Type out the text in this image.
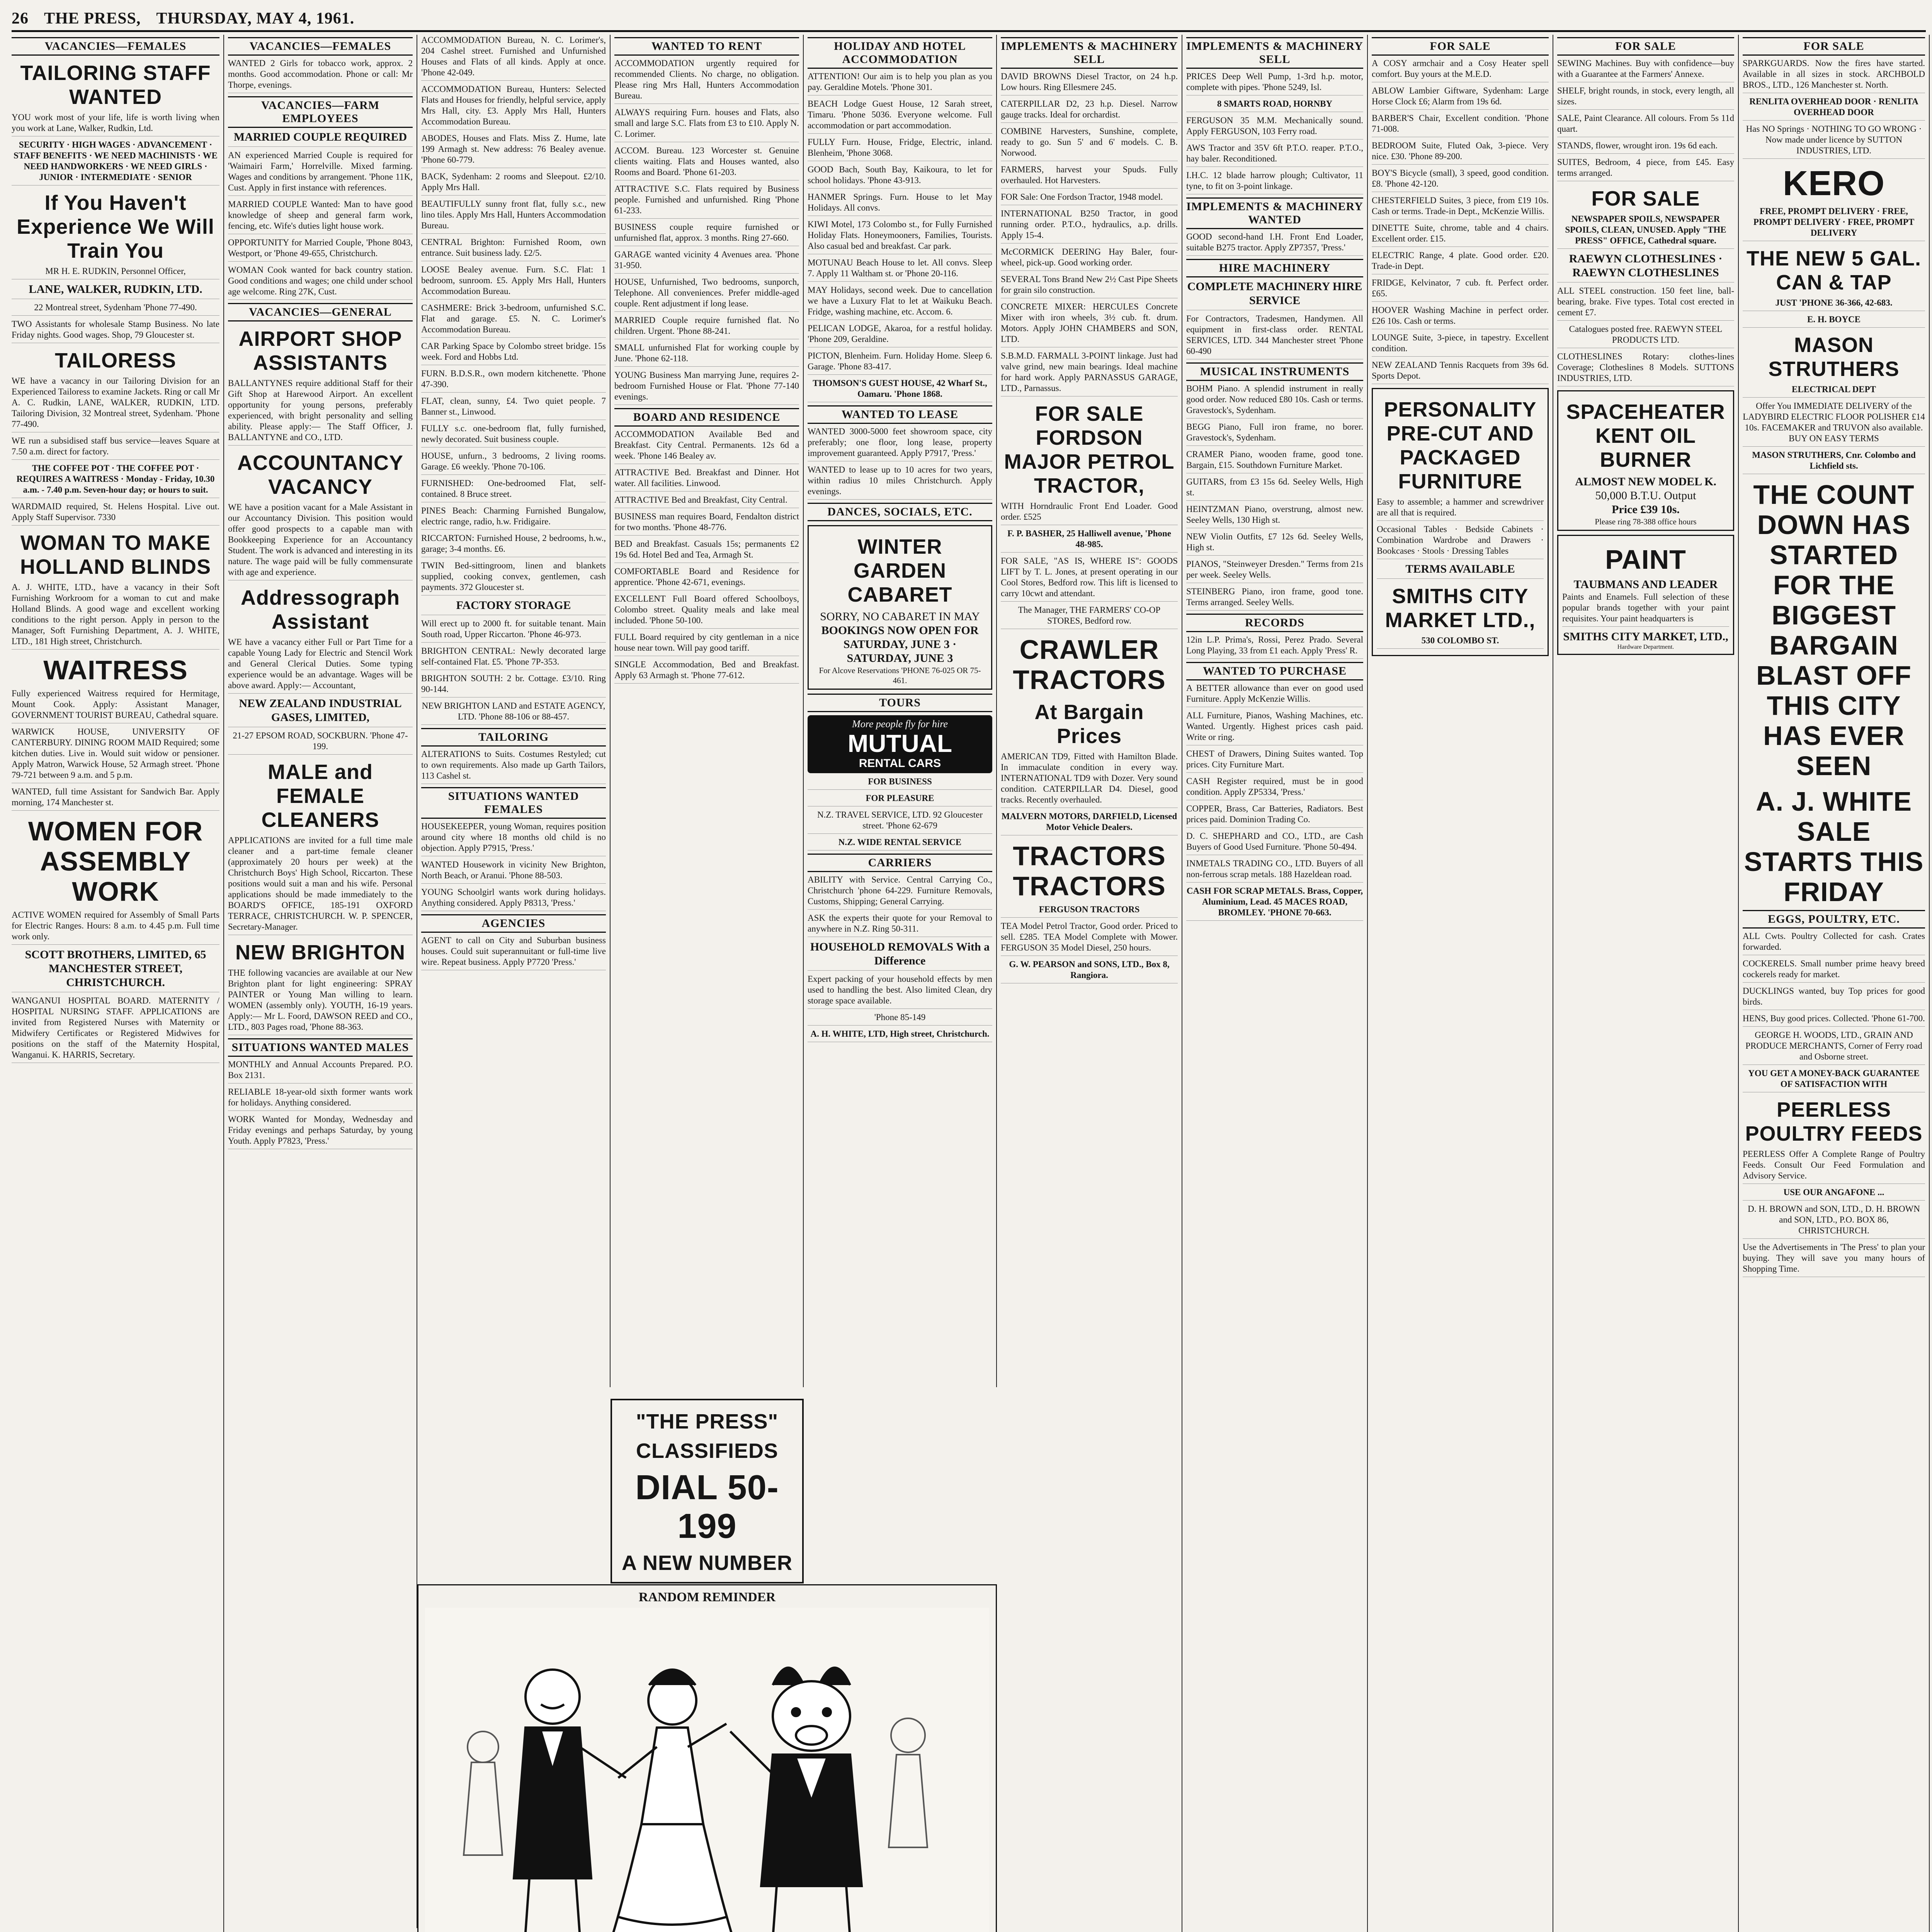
26 THE PRESS, THURSDAY, MAY 4, 1961.
VACANCIES—FEMALES
TAILORING STAFF WANTED
YOU work most of your life, life is worth living when you work at Lane, Walker, Rudkin, Ltd.
SECURITY · HIGH WAGES · ADVANCEMENT · STAFF BENEFITS · WE NEED MACHINISTS · WE NEED HANDWORKERS · WE NEED GIRLS · JUNIOR · INTERMEDIATE · SENIOR
If You Haven't Experience We Will Train You
MR H. E. RUDKIN, Personnel Officer,
LANE, WALKER, RUDKIN, LTD.
22 Montreal street, Sydenham 'Phone 77-490.
TWO Assistants for wholesale Stamp Business. No late Friday nights. Good wages. Shop, 79 Gloucester st.
TAILORESS
WE have a vacancy in our Tailoring Division for an Experienced Tailoress to examine Jackets. Ring or call Mr A. C. Rudkin, LANE, WALKER, RUDKIN, LTD. Tailoring Division, 32 Montreal street, Sydenham. 'Phone 77-490.
WE run a subsidised staff bus service—leaves Square at 7.50 a.m. direct for factory.
THE COFFEE POT · THE COFFEE POT · REQUIRES A WAITRESS · Monday - Friday, 10.30 a.m. - 7.40 p.m. Seven-hour day; or hours to suit.
WARDMAID required, St. Helens Hospital. Live out. Apply Staff Supervisor. 7330
WOMAN TO MAKE HOLLAND BLINDS
A. J. WHITE, LTD., have a vacancy in their Soft Furnishing Workroom for a woman to cut and make Holland Blinds. A good wage and excellent working conditions to the right person. Apply in person to the Manager, Soft Furnishing Department, A. J. WHITE, LTD., 181 High street, Christchurch.
WAITRESS
Fully experienced Waitress required for Hermitage, Mount Cook. Apply: Assistant Manager, GOVERNMENT TOURIST BUREAU, Cathedral square.
WARWICK HOUSE, UNIVERSITY OF CANTERBURY. DINING ROOM MAID Required; some kitchen duties. Live in. Would suit widow or pensioner. Apply Matron, Warwick House, 52 Armagh street. 'Phone 79-721 between 9 a.m. and 5 p.m.
WANTED, full time Assistant for Sandwich Bar. Apply morning, 174 Manchester st.
WOMEN FOR ASSEMBLY WORK
ACTIVE WOMEN required for Assembly of Small Parts for Electric Ranges. Hours: 8 a.m. to 4.45 p.m. Full time work only.
SCOTT BROTHERS, LIMITED, 65 MANCHESTER STREET, CHRISTCHURCH.
WANGANUI HOSPITAL BOARD. MATERNITY / HOSPITAL NURSING STAFF. APPLICATIONS are invited from Registered Nurses with Maternity or Midwifery Certificates or Registered Midwives for positions on the staff of the Maternity Hospital, Wanganui. K. HARRIS, Secretary.
VACANCIES—FEMALES
WANTED 2 Girls for tobacco work, approx. 2 months. Good accommodation. Phone or call: Mr Thorpe, evenings.
VACANCIES—FARM EMPLOYEES
MARRIED COUPLE REQUIRED
AN experienced Married Couple is required for 'Waimairi Farm,' Horrelville. Mixed farming. Wages and conditions by arrangement. 'Phone 11K, Cust. Apply in first instance with references.
MARRIED COUPLE Wanted: Man to have good knowledge of sheep and general farm work, fencing, etc. Wife's duties light house work.
OPPORTUNITY for Married Couple, 'Phone 8043, Westport, or 'Phone 49-655, Christchurch.
WOMAN Cook wanted for back country station. Good conditions and wages; one child under school age welcome. Ring 27K, Cust.
VACANCIES—GENERAL
AIRPORT SHOP ASSISTANTS
BALLANTYNES require additional Staff for their Gift Shop at Harewood Airport. An excellent opportunity for young persons, preferably experienced, with bright personality and selling ability. Please apply:— The Staff Officer, J. BALLANTYNE and CO., LTD.
ACCOUNTANCY VACANCY
WE have a position vacant for a Male Assistant in our Accountancy Division. This position would offer good prospects to a capable man with Bookkeeping Experience for an Accountancy Student. The work is advanced and interesting in its nature. The wage paid will be fully commensurate with age and experience.
Addressograph Assistant
WE have a vacancy either Full or Part Time for a capable Young Lady for Electric and Stencil Work and General Clerical Duties. Some typing experience would be an advantage. Wages will be above award. Apply:— Accountant,
NEW ZEALAND INDUSTRIAL GASES, LIMITED,
21-27 EPSOM ROAD, SOCKBURN. 'Phone 47-199.
MALE and FEMALE CLEANERS
APPLICATIONS are invited for a full time male cleaner and a part-time female cleaner (approximately 20 hours per week) at the Christchurch Boys' High School, Riccarton. These positions would suit a man and his wife. Personal applications should be made immediately to the BOARD'S OFFICE, 185-191 OXFORD TERRACE, CHRISTCHURCH. W. P. SPENCER, Secretary-Manager.
NEW BRIGHTON
THE following vacancies are available at our New Brighton plant for light engineering: SPRAY PAINTER or Young Man willing to learn. WOMEN (assembly only). YOUTH, 16-19 years. Apply:— Mr L. Foord, DAWSON REED and CO., LTD., 803 Pages road, 'Phone 88-363.
SITUATIONS WANTED MALES
MONTHLY and Annual Accounts Prepared. P.O. Box 2131.
RELIABLE 18-year-old sixth former wants work for holidays. Anything considered.
WORK Wanted for Monday, Wednesday and Friday evenings and perhaps Saturday, by young Youth. Apply P7823, 'Press.'
ACCOMMODATION Bureau, N. C. Lorimer's, 204 Cashel street. Furnished and Unfurnished Houses and Flats of all kinds. Apply at once. 'Phone 42-049.
ACCOMMODATION Bureau, Hunters: Selected Flats and Houses for friendly, helpful service, apply Mrs Hall, city. £3. Apply Mrs Hall, Hunters Accommodation Bureau.
ABODES, Houses and Flats. Miss Z. Hume, late 199 Armagh st. New address: 76 Bealey avenue. 'Phone 60-779.
BACK, Sydenham: 2 rooms and Sleepout. £2/10. Apply Mrs Hall.
BEAUTIFULLY sunny front flat, fully s.c., new lino tiles. Apply Mrs Hall, Hunters Accommodation Bureau.
CENTRAL Brighton: Furnished Room, own entrance. Suit business lady. £2/5.
LOOSE Bealey avenue. Furn. S.C. Flat: 1 bedroom, sunroom. £5. Apply Mrs Hall, Hunters Accommodation Bureau.
CASHMERE: Brick 3-bedroom, unfurnished S.C. Flat and garage. £5. N. C. Lorimer's Accommodation Bureau.
CAR Parking Space by Colombo street bridge. 15s week. Ford and Hobbs Ltd.
FURN. B.D.S.R., own modern kitchenette. 'Phone 47-390.
FLAT, clean, sunny, £4. Two quiet people. 7 Banner st., Linwood.
FULLY s.c. one-bedroom flat, fully furnished, newly decorated. Suit business couple.
HOUSE, unfurn., 3 bedrooms, 2 living rooms. Garage. £6 weekly. 'Phone 70-106.
FURNISHED: One-bedroomed Flat, self-contained. 8 Bruce street.
PINES Beach: Charming Furnished Bungalow, electric range, radio, h.w. Fridigaire.
RICCARTON: Furnished House, 2 bedrooms, h.w., garage; 3-4 months. £6.
TWIN Bed-sittingroom, linen and blankets supplied, cooking convex, gentlemen, cash payments. 372 Gloucester st.
FACTORY STORAGE
Will erect up to 2000 ft. for suitable tenant. Main South road, Upper Riccarton. 'Phone 46-973.
BRIGHTON CENTRAL: Newly decorated large self-contained Flat. £5. 'Phone 7P-353.
BRIGHTON SOUTH: 2 br. Cottage. £3/10. Ring 90-144.
NEW BRIGHTON LAND and ESTATE AGENCY, LTD. 'Phone 88-106 or 88-457.
TAILORING
ALTERATIONS to Suits. Costumes Restyled; cut to own requirements. Also made up Garth Tailors, 113 Cashel st.
SITUATIONS WANTED FEMALES
HOUSEKEEPER, young Woman, requires position around city where 18 months old child is no objection. Apply P7915, 'Press.'
WANTED Housework in vicinity New Brighton, North Beach, or Aranui. 'Phone 88-503.
YOUNG Schoolgirl wants work during holidays. Anything considered. Apply P8313, 'Press.'
AGENCIES
AGENT to call on City and Suburban business houses. Could suit superannuitant or full-time live wire. Repeat business. Apply P7720 'Press.'
WANTED TO RENT
ACCOMMODATION urgently required for recommended Clients. No charge, no obligation. Please ring Mrs Hall, Hunters Accommodation Bureau.
ALWAYS requiring Furn. houses and Flats, also small and large S.C. Flats from £3 to £10. Apply N. C. Lorimer.
ACCOM. Bureau. 123 Worcester st. Genuine clients waiting. Flats and Houses wanted, also Rooms and Board. 'Phone 61-203.
ATTRACTIVE S.C. Flats required by Business people. Furnished and unfurnished. Ring 'Phone 61-233.
BUSINESS couple require furnished or unfurnished flat, approx. 3 months. Ring 27-660.
GARAGE wanted vicinity 4 Avenues area. 'Phone 31-950.
HOUSE, Unfurnished, Two bedrooms, sunporch, Telephone. All conveniences. Prefer middle-aged couple. Rent adjustment if long lease.
MARRIED Couple require furnished flat. No children. Urgent. 'Phone 88-241.
SMALL unfurnished Flat for working couple by June. 'Phone 62-118.
YOUNG Business Man marrying June, requires 2-bedroom Furnished House or Flat. 'Phone 77-140 evenings.
BOARD AND RESIDENCE
ACCOMMODATION Available Bed and Breakfast. City Central. Permanents. 12s 6d a week. 'Phone 146 Bealey av.
ATTRACTIVE Bed. Breakfast and Dinner. Hot water. All facilities. Linwood.
ATTRACTIVE Bed and Breakfast, City Central.
BUSINESS man requires Board, Fendalton district for two months. 'Phone 48-776.
BED and Breakfast. Casuals 15s; permanents £2 19s 6d. Hotel Bed and Tea, Armagh St.
COMFORTABLE Board and Residence for apprentice. 'Phone 42-671, evenings.
EXCELLENT Full Board offered Schoolboys, Colombo street. Quality meals and lake meal included. 'Phone 50-100.
FULL Board required by city gentleman in a nice house near town. Will pay good tariff.
SINGLE Accommodation, Bed and Breakfast. Apply 63 Armagh st. 'Phone 77-612.
HOLIDAY AND HOTEL ACCOMMODATION
ATTENTION! Our aim is to help you plan as you pay. Geraldine Motels. 'Phone 301.
BEACH Lodge Guest House, 12 Sarah street, Timaru. 'Phone 5036. Everyone welcome. Full accommodation or part accommodation.
FULLY Furn. House, Fridge, Electric, inland. Blenheim, 'Phone 3068.
GOOD Bach, South Bay, Kaikoura, to let for school holidays. 'Phone 43-913.
HANMER Springs. Furn. House to let May Holidays. All convs.
KIWI Motel, 173 Colombo st., for Fully Furnished Holiday Flats. Honeymooners, Families, Tourists. Also casual bed and breakfast. Car park.
MOTUNAU Beach House to let. All convs. Sleep 7. Apply 11 Waltham st. or 'Phone 20-116.
MAY Holidays, second week. Due to cancellation we have a Luxury Flat to let at Waikuku Beach. Fridge, washing machine, etc. Accom. 6.
PELICAN LODGE, Akaroa, for a restful holiday. 'Phone 209, Geraldine.
PICTON, Blenheim. Furn. Holiday Home. Sleep 6. Garage. 'Phone 83-417.
THOMSON'S GUEST HOUSE, 42 Wharf St., Oamaru. 'Phone 1868.
WANTED TO LEASE
WANTED 3000-5000 feet showroom space, city preferably; one floor, long lease, property improvement guaranteed. Apply P7917, 'Press.'
WANTED to lease up to 10 acres for two years, within radius 10 miles Christchurch. Apply evenings.
DANCES, SOCIALS, ETC.
WINTER GARDEN CABARET
SORRY, NO CABARET IN MAY
BOOKINGS NOW OPEN FOR SATURDAY, JUNE 3 · SATURDAY, JUNE 3
For Alcove Reservations 'PHONE 76-025 OR 75-461.
TOURS
More people fly for hire
MUTUAL
RENTAL CARS
FOR BUSINESS
FOR PLEASURE
N.Z. TRAVEL SERVICE, LTD. 92 Gloucester street. 'Phone 62-679
N.Z. WIDE RENTAL SERVICE
CARRIERS
ABILITY with Service. Central Carrying Co., Christchurch 'phone 64-229. Furniture Removals, Customs, Shipping; General Carrying.
ASK the experts their quote for your Removal to anywhere in N.Z. Ring 50-311.
HOUSEHOLD REMOVALS With a Difference
Expert packing of your household effects by men used to handling the best. Also limited Clean, dry storage space available.
'Phone 85-149
A. H. WHITE, LTD, High street, Christchurch.
"THE PRESS"
CLASSIFIEDS
DIAL 50-199
A NEW NUMBER
RANDOM REMINDER
IMPLEMENTS & MACHINERY SELL
DAVID BROWNS Diesel Tractor, on 24 h.p. Low hours. Ring Ellesmere 245.
CATERPILLAR D2, 23 h.p. Diesel. Narrow gauge tracks. Ideal for orchardist.
COMBINE Harvesters, Sunshine, complete, ready to go. Sun 5' and 6' models. C. B. Norwood.
FARMERS, harvest your Spuds. Fully overhauled. Hot Harvesters.
FOR Sale: One Fordson Tractor, 1948 model.
INTERNATIONAL B250 Tractor, in good running order. P.T.O., hydraulics, a.p. drills. Apply 15-4.
McCORMICK DEERING Hay Baler, four-wheel, pick-up. Good working order.
SEVERAL Tons Brand New 2½ Cast Pipe Sheets for grain silo construction.
CONCRETE MIXER: HERCULES Concrete Mixer with iron wheels, 3½ cub. ft. drum. Motors. Apply JOHN CHAMBERS and SON, LTD.
S.B.M.D. FARMALL 3-POINT linkage. Just had valve grind, new main bearings. Ideal machine for hard work. Apply PARNASSUS GARAGE, LTD., Parnassus.
FOR SALE FORDSON MAJOR PETROL TRACTOR,
WITH Horndraulic Front End Loader. Good order. £525
F. P. BASHER, 25 Halliwell avenue, 'Phone 48-985.
FOR SALE, "AS IS, WHERE IS": GOODS LIFT by T. L. Jones, at present operating in our Cool Stores, Bedford row. This lift is licensed to carry 10cwt and attendant.
The Manager, THE FARMERS' CO-OP STORES, Bedford row.
CRAWLER TRACTORS
At Bargain Prices
AMERICAN TD9, Fitted with Hamilton Blade. In immaculate condition in every way. INTERNATIONAL TD9 with Dozer. Very sound condition. CATERPILLAR D4. Diesel, good tracks. Recently overhauled.
MALVERN MOTORS, DARFIELD, Licensed Motor Vehicle Dealers.
TRACTORS TRACTORS
FERGUSON TRACTORS
TEA Model Petrol Tractor, Good order. Priced to sell. £285. TEA Model Complete with Mower. FERGUSON 35 Model Diesel, 250 hours.
G. W. PEARSON and SONS, LTD., Box 8, Rangiora.
IMPLEMENTS & MACHINERY SELL
PRICES Deep Well Pump, 1-3rd h.p. motor, complete with pipes. 'Phone 5249, Isl.
8 SMARTS ROAD, HORNBY
FERGUSON 35 M.M. Mechanically sound. Apply FERGUSON, 103 Ferry road.
AWS Tractor and 35V 6ft P.T.O. reaper. P.T.O., hay baler. Reconditioned.
I.H.C. 12 blade harrow plough; Cultivator, 11 tyne, to fit on 3-point linkage.
IMPLEMENTS & MACHINERY WANTED
GOOD second-hand I.H. Front End Loader, suitable B275 tractor. Apply ZP7357, 'Press.'
HIRE MACHINERY
COMPLETE MACHINERY HIRE SERVICE
For Contractors, Tradesmen, Handymen. All equipment in first-class order. RENTAL SERVICES, LTD. 344 Manchester street 'Phone 60-490
MUSICAL INSTRUMENTS
BOHM Piano. A splendid instrument in really good order. Now reduced £80 10s. Cash or terms. Gravestock's, Sydenham.
BEGG Piano, Full iron frame, no borer. Gravestock's, Sydenham.
CRAMER Piano, wooden frame, good tone. Bargain, £15. Southdown Furniture Market.
GUITARS, from £3 15s 6d. Seeley Wells, High st.
HEINTZMAN Piano, overstrung, almost new. Seeley Wells, 130 High st.
NEW Violin Outfits, £7 12s 6d. Seeley Wells, High st.
PIANOS, "Steinweyer Dresden." Terms from 21s per week. Seeley Wells.
STEINBERG Piano, iron frame, good tone. Terms arranged. Seeley Wells.
RECORDS
12in L.P. Prima's, Rossi, Perez Prado. Several Long Playing, 33 from £1 each. Apply 'Press' R.
WANTED TO PURCHASE
A BETTER allowance than ever on good used Furniture. Apply McKenzie Willis.
ALL Furniture, Pianos, Washing Machines, etc. Wanted. Urgently. Highest prices cash paid. Write or ring.
CHEST of Drawers, Dining Suites wanted. Top prices. City Furniture Mart.
CASH Register required, must be in good condition. Apply ZP5334, 'Press.'
COPPER, Brass, Car Batteries, Radiators. Best prices paid. Dominion Trading Co.
D. C. SHEPHARD and CO., LTD., are Cash Buyers of Good Used Furniture. 'Phone 50-494.
INMETALS TRADING CO., LTD. Buyers of all non-ferrous scrap metals. 188 Hazeldean road.
CASH FOR SCRAP METALS. Brass, Copper, Aluminium, Lead. 45 MACES ROAD, BROMLEY. 'PHONE 70-663.
FOR SALE
A COSY armchair and a Cosy Heater spell comfort. Buy yours at the M.E.D.
ABLOW Lambier Giftware, Sydenham: Large Horse Clock £6; Alarm from 19s 6d.
BARBER'S Chair, Excellent condition. 'Phone 71-008.
BEDROOM Suite, Fluted Oak, 3-piece. Very nice. £30. 'Phone 89-200.
BOY'S Bicycle (small), 3 speed, good condition. £8. 'Phone 42-120.
CHESTERFIELD Suites, 3 piece, from £19 10s. Cash or terms. Trade-in Dept., McKenzie Willis.
DINETTE Suite, chrome, table and 4 chairs. Excellent order. £15.
ELECTRIC Range, 4 plate. Good order. £20. Trade-in Dept.
FRIDGE, Kelvinator, 7 cub. ft. Perfect order. £65.
HOOVER Washing Machine in perfect order. £26 10s. Cash or terms.
LOUNGE Suite, 3-piece, in tapestry. Excellent condition.
NEW ZEALAND Tennis Racquets from 39s 6d. Sports Depot.
PERSONALITY PRE-CUT AND PACKAGED FURNITURE
Easy to assemble; a hammer and screwdriver are all that is required.
Occasional Tables · Bedside Cabinets · Combination Wardrobe and Drawers · Bookcases · Stools · Dressing Tables
TERMS AVAILABLE
SMITHS CITY MARKET LTD.,
530 COLOMBO ST.
FOR SALE
SEWING Machines. Buy with confidence—buy with a Guarantee at the Farmers' Annexe.
SHELF, bright rounds, in stock, every length, all sizes.
SALE, Paint Clearance. All colours. From 5s 11d quart.
STANDS, flower, wrought iron. 19s 6d each.
SUITES, Bedroom, 4 piece, from £45. Easy terms arranged.
FOR SALE
NEWSPAPER SPOILS, NEWSPAPER SPOILS, CLEAN, UNUSED. Apply "THE PRESS" OFFICE, Cathedral square.
RAEWYN CLOTHESLINES · RAEWYN CLOTHESLINES
ALL STEEL construction. 150 feet line, ball-bearing, brake. Five types. Total cost erected in cement £7.
Catalogues posted free. RAEWYN STEEL PRODUCTS LTD.
CLOTHESLINES Rotary: clothes-lines Coverage; Clotheslines 8 Models. SUTTONS INDUSTRIES, LTD.
SPACEHEATER KENT OIL BURNER
ALMOST NEW MODEL K.
50,000 B.T.U. Output
Price £39 10s.
Please ring 78-388 office hours
PAINT
TAUBMANS AND LEADER
Paints and Enamels. Full selection of these popular brands together with your paint requisites. Your paint headquarters is
SMITHS CITY MARKET, LTD.,
Hardware Department.
FOR SALE
SPARKGUARDS. Now the fires have started. Available in all sizes in stock. ARCHBOLD BROS., LTD., 126 Manchester st. North.
RENLITA OVERHEAD DOOR · RENLITA OVERHEAD DOOR
Has NO Springs · NOTHING TO GO WRONG · Now made under licence by SUTTON INDUSTRIES, LTD.
KERO
FREE, PROMPT DELIVERY · FREE, PROMPT DELIVERY · FREE, PROMPT DELIVERY
THE NEW 5 GAL. CAN & TAP
JUST 'PHONE 36-366, 42-683.
E. H. BOYCE
MASON STRUTHERS
ELECTRICAL DEPT
Offer You IMMEDIATE DELIVERY of the LADYBIRD ELECTRIC FLOOR POLISHER £14 10s. FACEMAKER and TRUVON also available. BUY ON EASY TERMS
MASON STRUTHERS, Cnr. Colombo and Lichfield sts.
THE COUNT DOWN HAS STARTED FOR THE BIGGEST BARGAIN BLAST OFF THIS CITY HAS EVER SEEN
A. J. WHITE SALE STARTS THIS FRIDAY
EGGS, POULTRY, ETC.
ALL Cwts. Poultry Collected for cash. Crates forwarded.
COCKERELS. Small number prime heavy breed cockerels ready for market.
DUCKLINGS wanted, buy Top prices for good birds.
HENS, Buy good prices. Collected. 'Phone 61-700.
GEORGE H. WOODS, LTD., GRAIN AND PRODUCE MERCHANTS, Corner of Ferry road and Osborne street.
YOU GET A MONEY-BACK GUARANTEE OF SATISFACTION WITH
PEERLESS POULTRY FEEDS
PEERLESS Offer A Complete Range of Poultry Feeds. Consult Our Feed Formulation and Advisory Service.
USE OUR ANGAFONE ...
D. H. BROWN and SON, LTD., D. H. BROWN and SON, LTD., P.O. BOX 86, CHRISTCHURCH.
Use the Advertisements in 'The Press' to plan your buying. They will save you many hours of Shopping Time.
